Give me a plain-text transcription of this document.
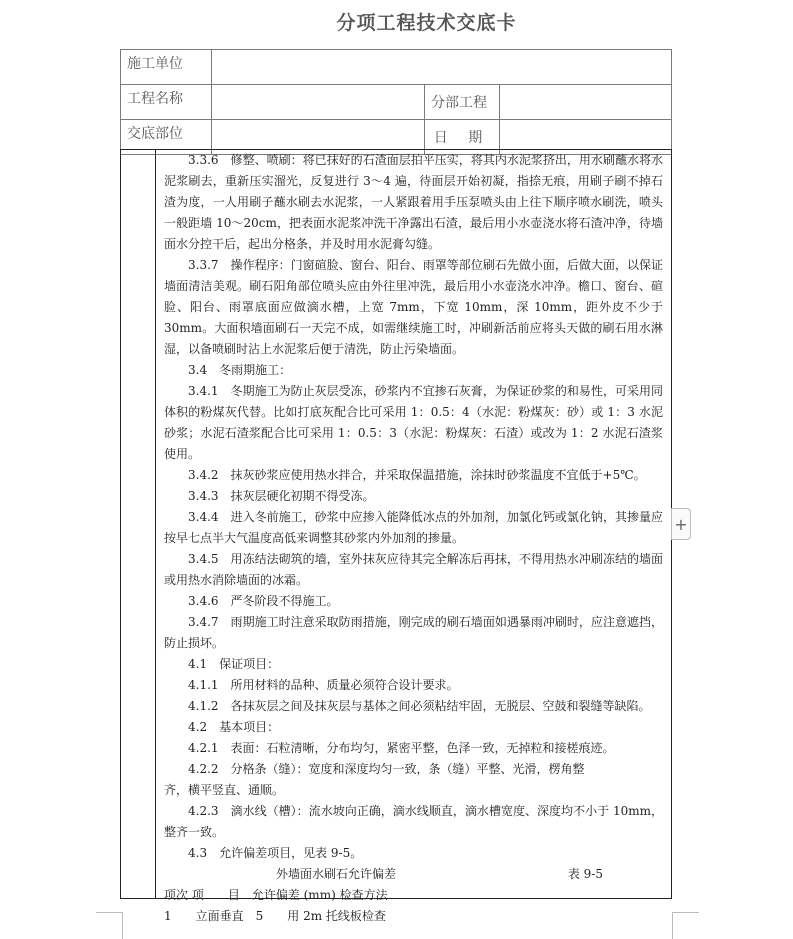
分项工程技术交底卡
施工单位			
工程名称		分部工程	
交底部位		日 期	

3.3.6　修整、喷刷：将已抹好的石渣面层拍平压实，将其内水泥浆挤出，用水刷蘸水将水泥浆刷去，重新压实溜光，反复进行 3～4 遍，待面层开始初凝，指捺无痕，用刷子刷不掉石渣为度，一人用刷子蘸水刷去水泥浆，一人紧跟着用手压泵喷头由上往下顺序喷水刷洗，喷头一般距墙 10～20cm，把表面水泥浆冲洗干净露出石渣，最后用小水壶浇水将石渣冲净，待墙面水分控干后，起出分格条，并及时用水泥膏勾缝。

3.3.7　操作程序：门窗碹脸、窗台、阳台、雨罩等部位刷石先做小面，后做大面，以保证墙面清洁美观。刷石阳角部位喷头应由外往里冲洗，最后用小水壶浇水冲净。檐口、窗台、碹脸、阳台、雨罩底面应做滴水槽，上宽 7mm，下宽 10mm，深 10mm，距外皮不少于 30mm。大面积墙面刷石一天完不成，如需继续施工时，冲刷新活前应将头天做的刷石用水淋湿，以备喷刷时沾上水泥浆后便于清洗，防止污染墙面。

3.4　冬雨期施工：

3.4.1　冬期施工为防止灰层受冻，砂浆内不宜掺石灰膏，为保证砂浆的和易性，可采用同体积的粉煤灰代替。比如打底灰配合比可采用 1：0.5：4（水泥：粉煤灰：砂）或 1：3 水泥砂浆；水泥石渣浆配合比可采用 1：0.5：3（水泥：粉煤灰：石渣）或改为 1：2 水泥石渣浆使用。

3.4.2　抹灰砂浆应使用热水拌合，并采取保温措施，涂抹时砂浆温度不宜低于+5℃。

3.4.3　抹灰层硬化初期不得受冻。

3.4.4　进入冬前施工，砂浆中应掺入能降低冰点的外加剂，加氯化钙或氯化钠，其掺量应按早七点半大气温度高低来调整其砂浆内外加剂的掺量。

3.4.5　用冻结法砌筑的墙，室外抹灰应待其完全解冻后再抹，不得用热水冲刷冻结的墙面或用热水消除墙面的冰霜。

3.4.6　严冬阶段不得施工。

3.4.7　雨期施工时注意采取防雨措施，刚完成的刷石墙面如遇暴雨冲刷时，应注意遮挡，防止损坏。

4.1　保证项目：

4.1.1　所用材料的品种、质量必须符合设计要求。

4.1.2　各抹灰层之间及抹灰层与基体之间必须粘结牢固，无脱层、空鼓和裂缝等缺陷。

4.2　基本项目：

4.2.1　表面：石粒清晰，分布均匀，紧密平整，色泽一致，无掉粒和接槎痕迹。

4.2.2　分格条（缝）：宽度和深度均匀一致，条（缝）平整、光滑，楞角整

齐，横平竖直、通顺。

4.2.3　滴水线（槽）：流水坡向正确，滴水线顺直，滴水槽宽度、深度均不小于 10mm，整齐一致。

4.3　允许偏差项目，见表 9-5。

外墙面水刷石允许偏差	表 9-5

项次 项　　目　允许偏差 (mm) 检查方法

1　　立面垂直　5　　用 2m 托线板检查

+
